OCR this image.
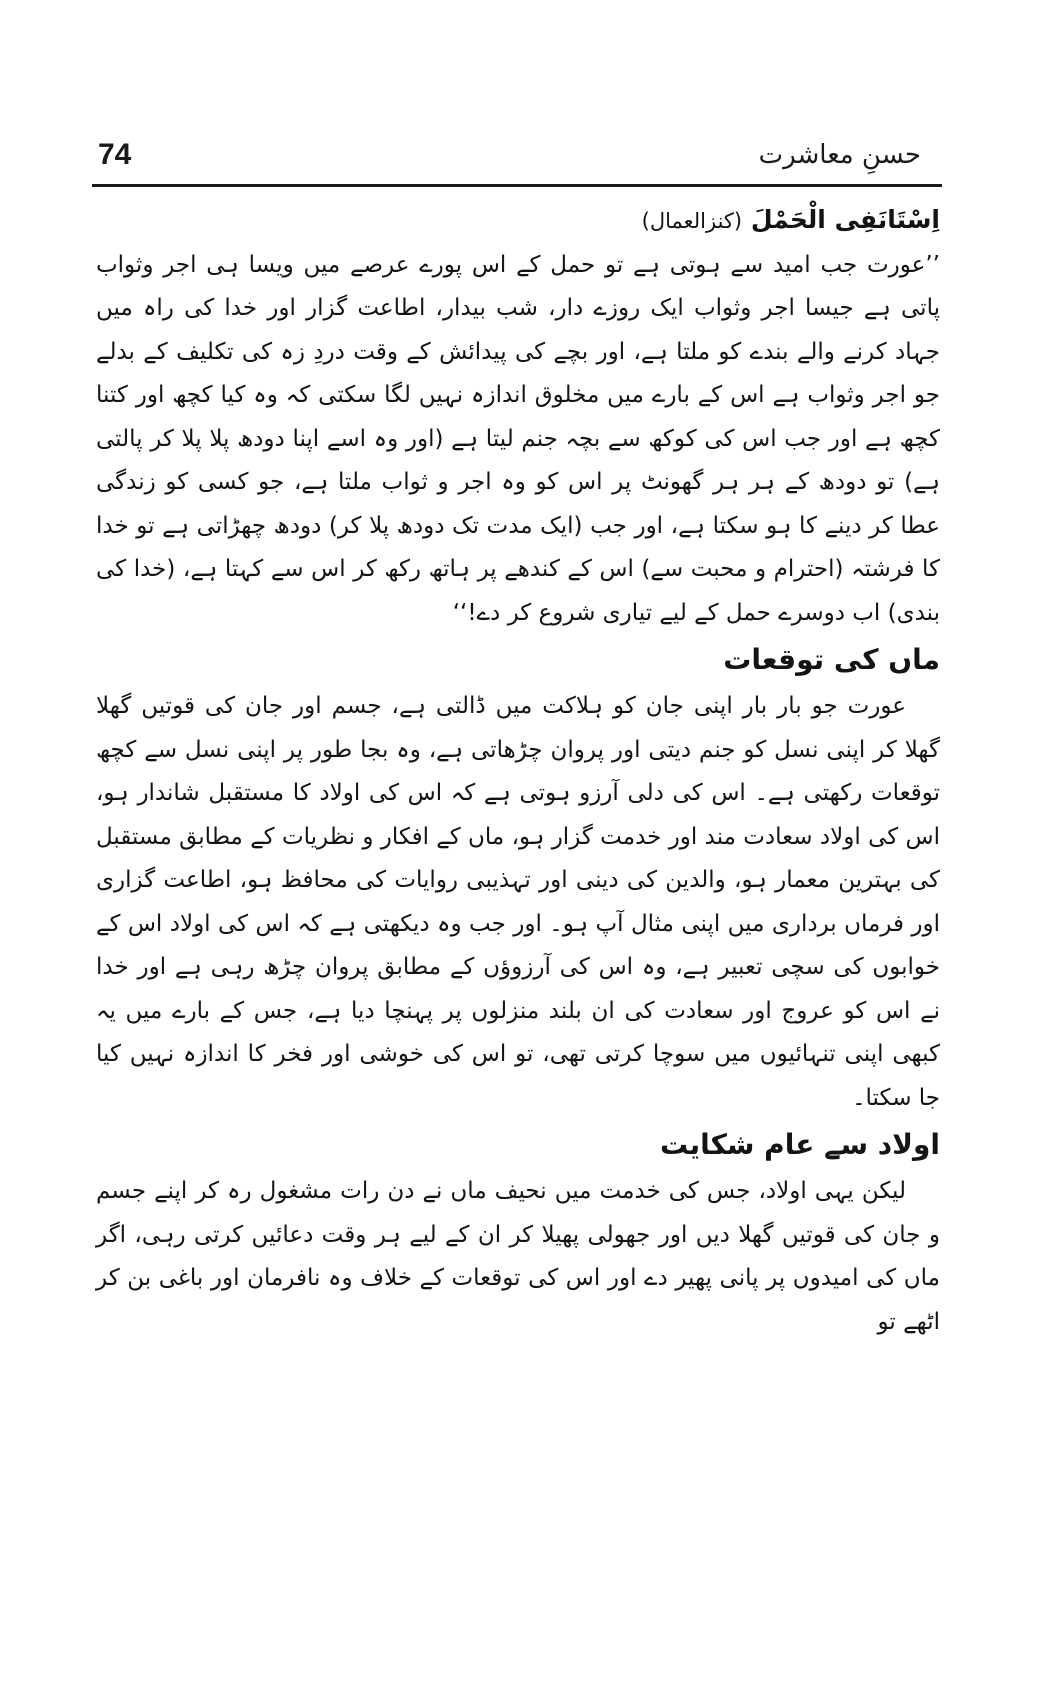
74	حسنِ معاشرت

اِسْتَانَفِی الْحَمْلَ (کنزالعمال)

’’عورت جب امید سے ہوتی ہے تو حمل کے اس پورے عرصے میں ویسا ہی اجر وثواب پاتی ہے جیسا اجر وثواب ایک روزے دار، شب بیدار، اطاعت گزار اور خدا کی راہ میں جہاد کرنے والے بندے کو ملتا ہے، اور بچے کی پیدائش کے وقت دردِ زہ کی تکلیف کے بدلے جو اجر وثواب ہے اس کے بارے میں مخلوق اندازہ نہیں لگا سکتی کہ وہ کیا کچھ اور کتنا کچھ ہے اور جب اس کی کوکھ سے بچہ جنم لیتا ہے (اور وہ اسے اپنا دودھ پلا پلا کر پالتی ہے) تو دودھ کے ہر ہر گھونٹ پر اس کو وہ اجر و ثواب ملتا ہے، جو کسی کو زندگی عطا کر دینے کا ہو سکتا ہے، اور جب (ایک مدت تک دودھ پلا کر) دودھ چھڑاتی ہے تو خدا کا فرشتہ (احترام و محبت سے) اس کے کندھے پر ہاتھ رکھ کر اس سے کہتا ہے، (خدا کی بندی) اب دوسرے حمل کے لیے تیاری شروع کر دے!‘‘

ماں کی توقعات

عورت جو بار بار اپنی جان کو ہلاکت میں ڈالتی ہے، جسم اور جان کی قوتیں گھلا گھلا کر اپنی نسل کو جنم دیتی اور پروان چڑھاتی ہے، وہ بجا طور پر اپنی نسل سے کچھ توقعات رکھتی ہے۔ اس کی دلی آرزو ہوتی ہے کہ اس کی اولاد کا مستقبل شاندار ہو، اس کی اولاد سعادت مند اور خدمت گزار ہو، ماں کے افکار و نظریات کے مطابق مستقبل کی بہترین معمار ہو، والدین کی دینی اور تہذیبی روایات کی محافظ ہو، اطاعت گزاری اور فرماں برداری میں اپنی مثال آپ ہو۔ اور جب وہ دیکھتی ہے کہ اس کی اولاد اس کے خوابوں کی سچی تعبیر ہے، وہ اس کی آرزوؤں کے مطابق پروان چڑھ رہی ہے اور خدا نے اس کو عروج اور سعادت کی ان بلند منزلوں پر پہنچا دیا ہے، جس کے بارے میں یہ کبھی اپنی تنہائیوں میں سوچا کرتی تھی، تو اس کی خوشی اور فخر کا اندازہ نہیں کیا جا سکتا۔

اولاد سے عام شکایت

لیکن یہی اولاد، جس کی خدمت میں نحیف ماں نے دن رات مشغول رہ کر اپنے جسم و جان کی قوتیں گھلا دیں اور جھولی پھیلا کر ان کے لیے ہر وقت دعائیں کرتی رہی، اگر ماں کی امیدوں پر پانی پھیر دے اور اس کی توقعات کے خلاف وہ نافرمان اور باغی بن کر اٹھے تو
